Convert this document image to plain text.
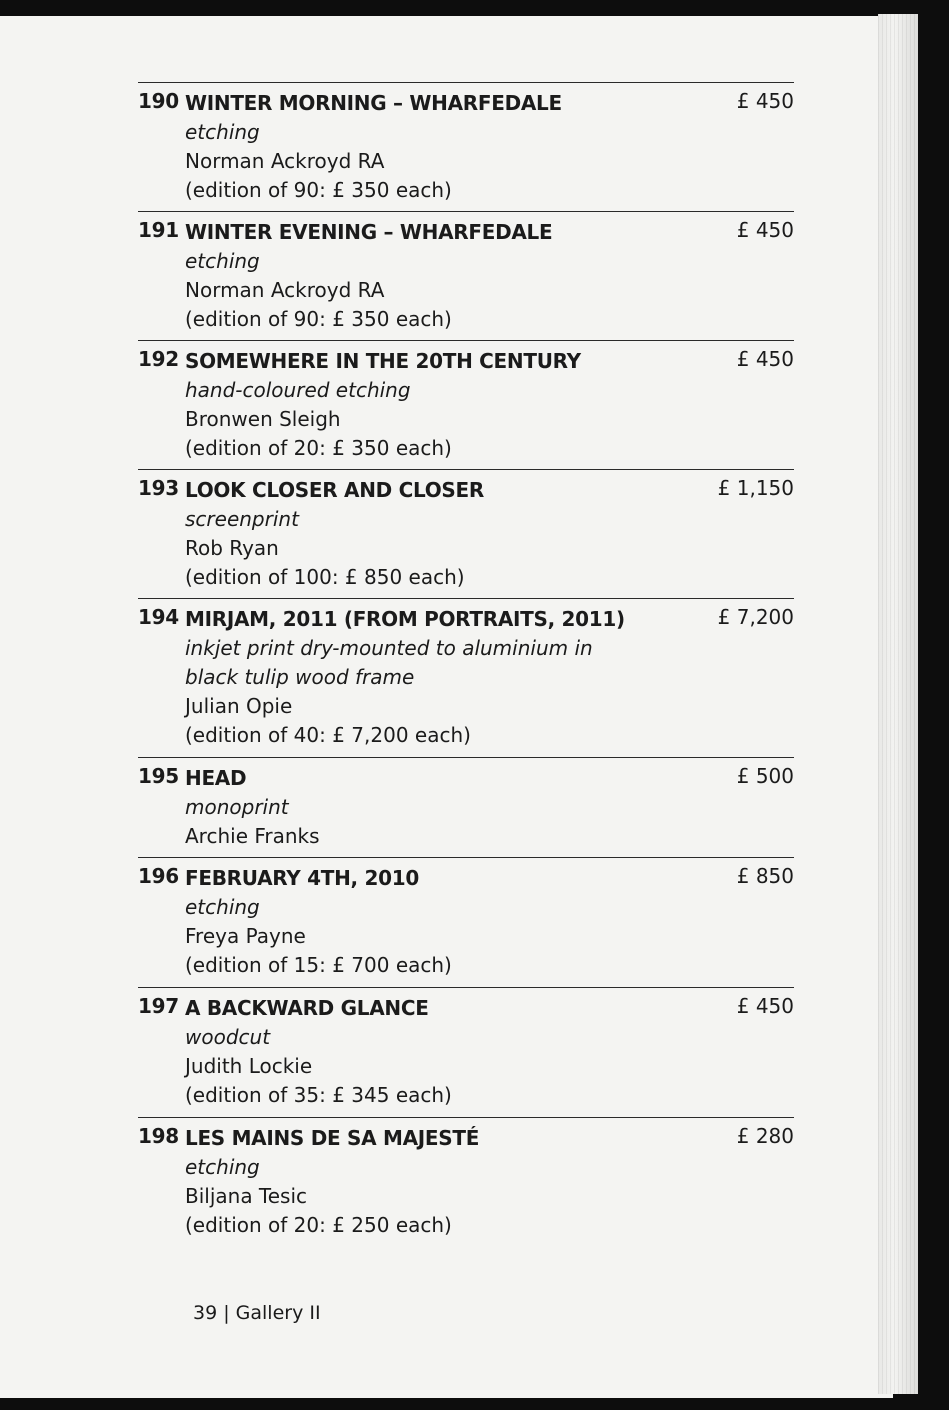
190 WINTER MORNING – WHARFEDALE
etching
Norman Ackroyd RA
(edition of 90: £ 350 each)
£ 450
191 WINTER EVENING – WHARFEDALE
etching
Norman Ackroyd RA
(edition of 90: £ 350 each)
£ 450
192 SOMEWHERE IN THE 20TH CENTURY
hand-coloured etching
Bronwen Sleigh
(edition of 20: £ 350 each)
£ 450
193 LOOK CLOSER AND CLOSER
screenprint
Rob Ryan
(edition of 100: £ 850 each)
£ 1,150
194 MIRJAM, 2011 (FROM PORTRAITS, 2011)
inkjet print dry-mounted to aluminium in
black tulip wood frame
Julian Opie
(edition of 40: £ 7,200 each)
£ 7,200
195 HEAD
monoprint
Archie Franks
£ 500
196 FEBRUARY 4TH, 2010
etching
Freya Payne
(edition of 15: £ 700 each)
£ 850
197 A BACKWARD GLANCE
woodcut
Judith Lockie
(edition of 35: £ 345 each)
£ 450
198 LES MAINS DE SA MAJESTÉ
etching
Biljana Tesic
(edition of 20: £ 250 each)
£ 280
39 | Gallery II
